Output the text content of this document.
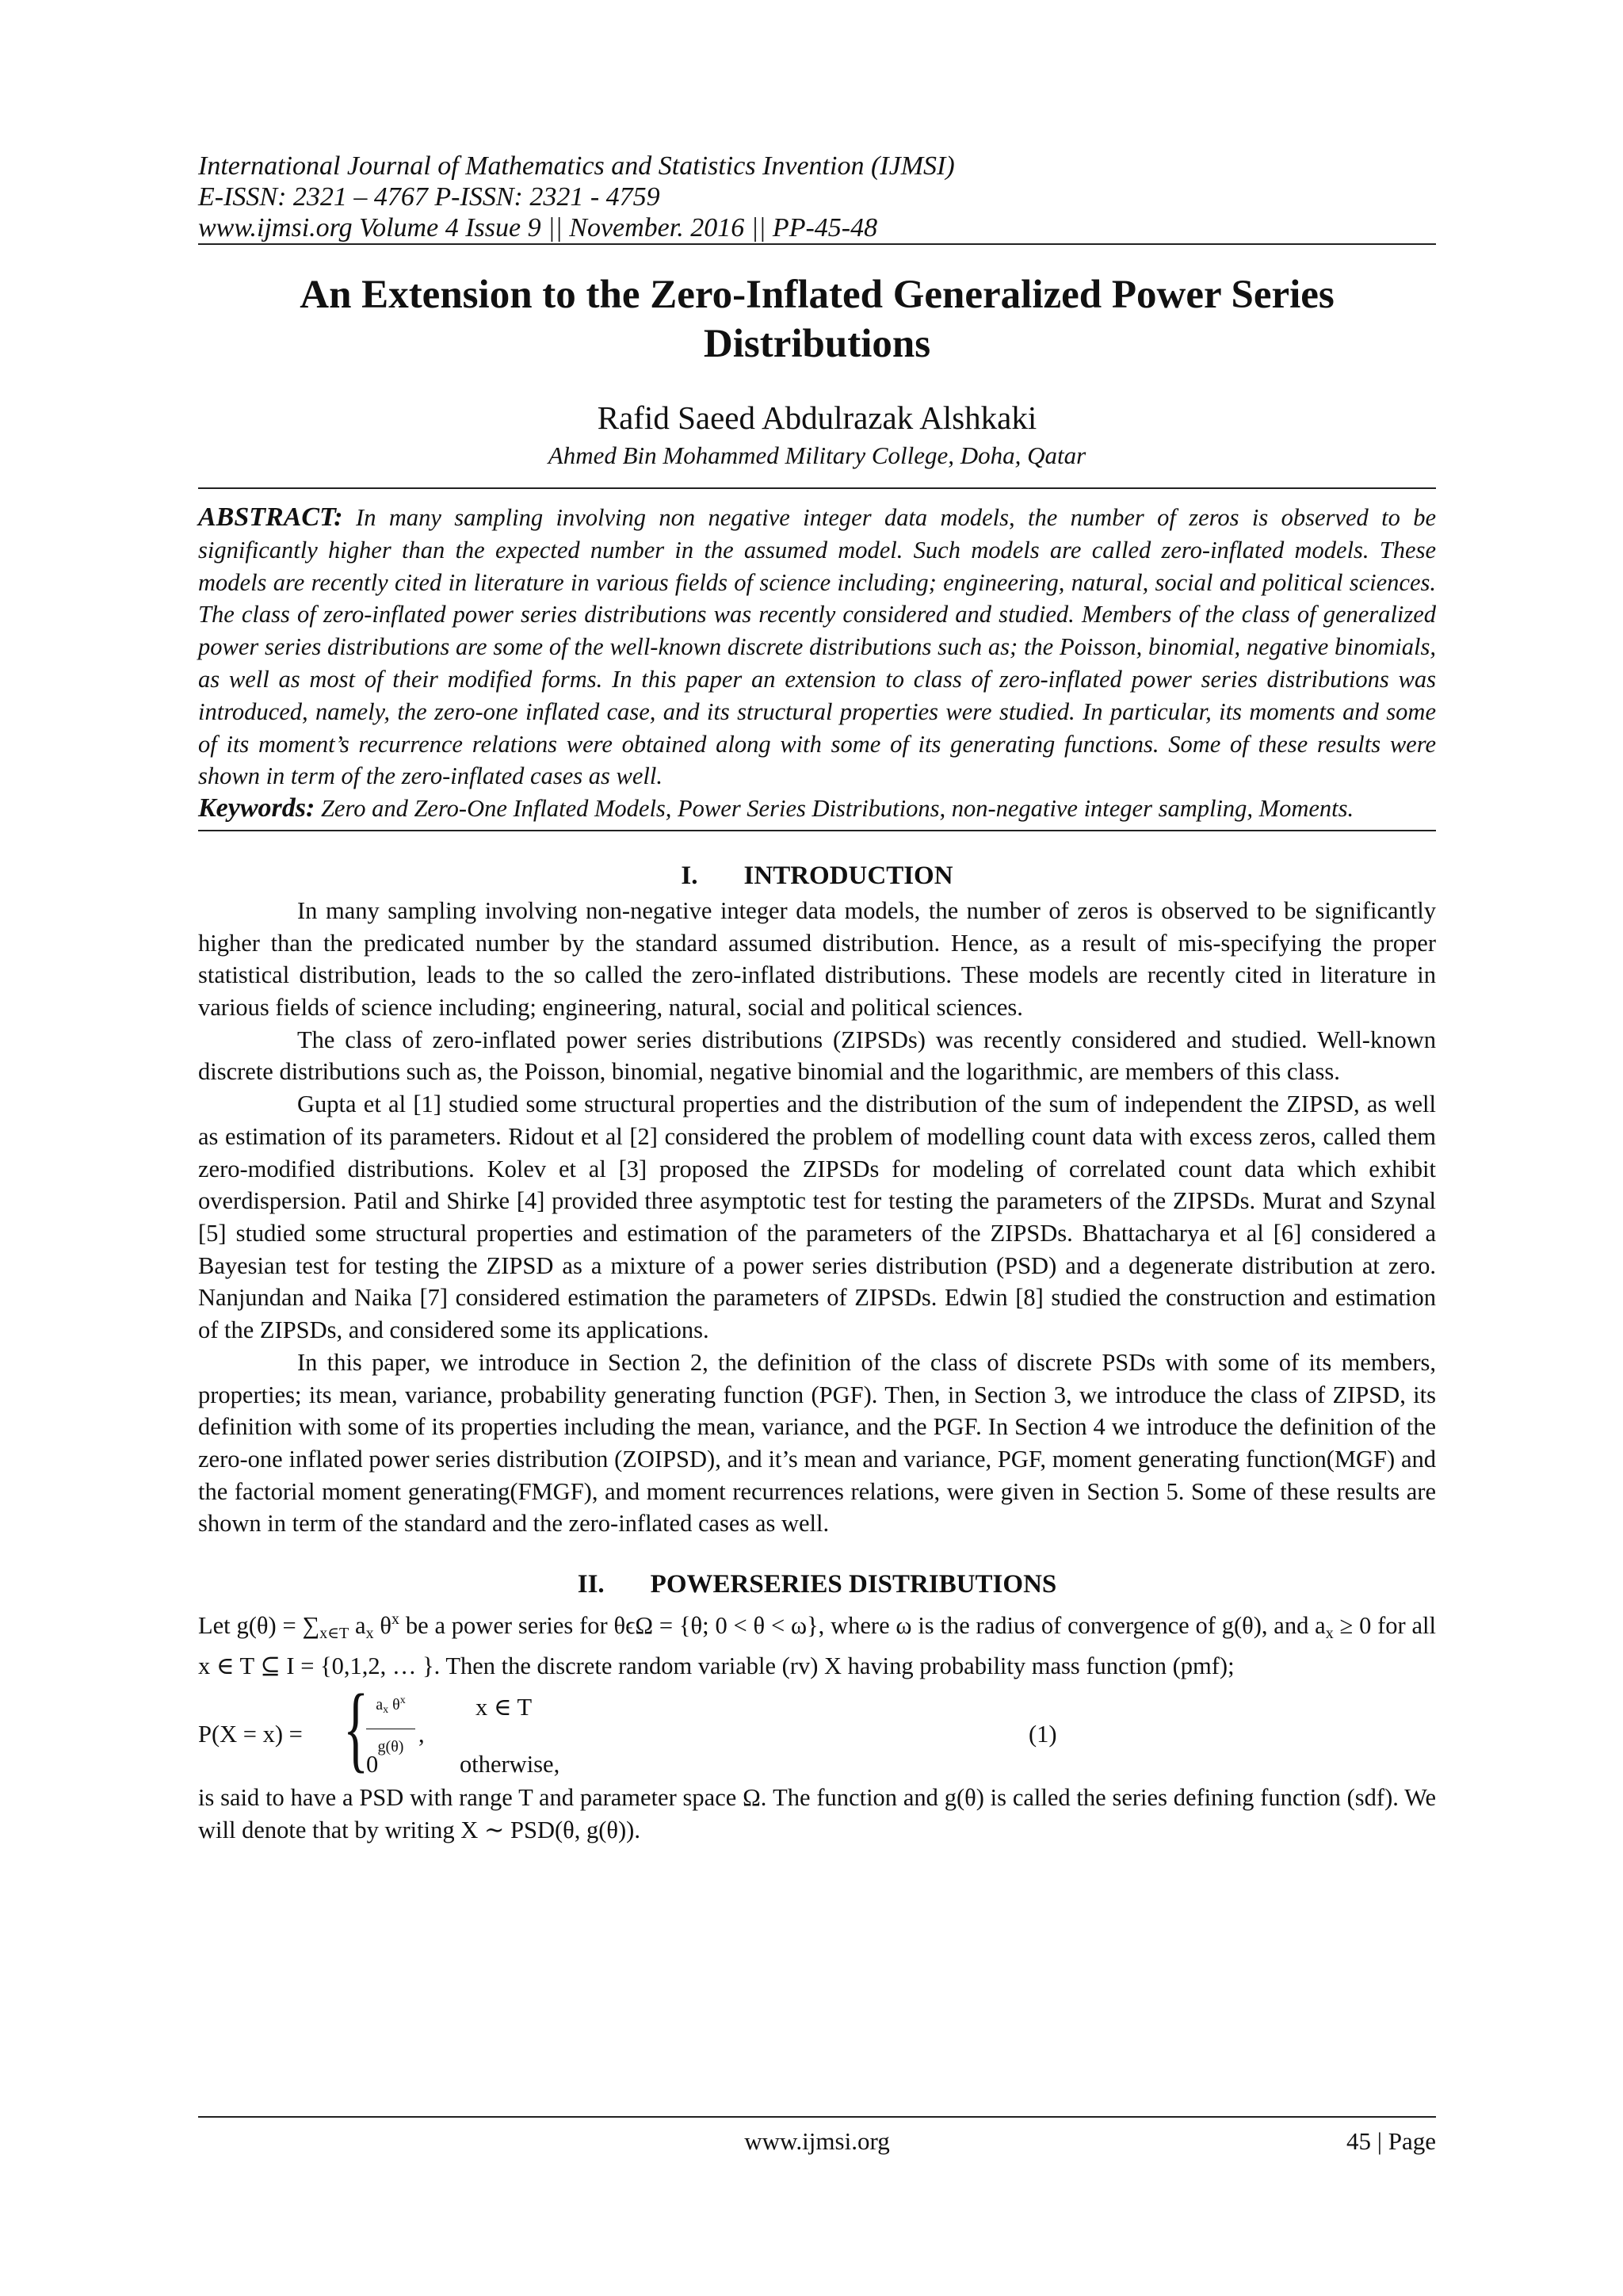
International Journal of Mathematics and Statistics Invention (IJMSI)
E-ISSN: 2321 – 4767 P-ISSN: 2321 - 4759
www.ijmsi.org Volume 4 Issue 9 || November. 2016 || PP-45-48
An Extension to the Zero-Inflated Generalized Power Series Distributions
Rafid Saeed Abdulrazak Alshkaki
Ahmed Bin Mohammed Military College, Doha, Qatar
ABSTRACT: In many sampling involving non negative integer data models, the number of zeros is observed to be significantly higher than the expected number in the assumed model. Such models are called zero-inflated models. These models are recently cited in literature in various fields of science including; engineering, natural, social and political sciences. The class of zero-inflated power series distributions was recently considered and studied. Members of the class of generalized power series distributions are some of the well-known discrete distributions such as; the Poisson, binomial, negative binomials, as well as most of their modified forms. In this paper an extension to class of zero-inflated power series distributions was introduced, namely, the zero-one inflated case, and its structural properties were studied. In particular, its moments and some of its moment’s recurrence relations were obtained along with some of its generating functions. Some of these results were shown in term of the zero-inflated cases as well.
Keywords: Zero and Zero-One Inflated Models, Power Series Distributions, non-negative integer sampling, Moments.
I. INTRODUCTION

In many sampling involving non-negative integer data models, the number of zeros is observed to be significantly higher than the predicated number by the standard assumed distribution. Hence, as a result of mis-specifying the proper statistical distribution, leads to the so called the zero-inflated distributions. These models are recently cited in literature in various fields of science including; engineering, natural, social and political sciences.

The class of zero-inflated power series distributions (ZIPSDs) was recently considered and studied. Well-known discrete distributions such as, the Poisson, binomial, negative binomial and the logarithmic, are members of this class.

Gupta et al [1] studied some structural properties and the distribution of the sum of independent the ZIPSD, as well as estimation of its parameters. Ridout et al [2] considered the problem of modelling count data with excess zeros, called them zero-modified distributions. Kolev et al [3] proposed the ZIPSDs for modeling of correlated count data which exhibit overdispersion. Patil and Shirke [4] provided three asymptotic test for testing the parameters of the ZIPSDs. Murat and Szynal [5] studied some structural properties and estimation of the parameters of the ZIPSDs. Bhattacharya et al [6] considered a Bayesian test for testing the ZIPSD as a mixture of a power series distribution (PSD) and a degenerate distribution at zero. Nanjundan and Naika [7] considered estimation the parameters of ZIPSDs. Edwin [8] studied the construction and estimation of the ZIPSDs, and considered some its applications.

In this paper, we introduce in Section 2, the definition of the class of discrete PSDs with some of its members, properties; its mean, variance, probability generating function (PGF). Then, in Section 3, we introduce the class of ZIPSD, its definition with some of its properties including the mean, variance, and the PGF. In Section 4 we introduce the definition of the zero-one inflated power series distribution (ZOIPSD), and it’s mean and variance, PGF, moment generating function(MGF) and the factorial moment generating(FMGF), and moment recurrences relations, were given in Section 5. Some of these results are shown in term of the standard and the zero-inflated cases as well.

II. POWERSERIES DISTRIBUTIONS

Let $g(\theta) = \sum_{x\in T}$ $a_x$ $\theta^x$ be a power series for θϵΩ = {θ; 0 < θ < ω}, where ω is the radius of convergence of g(θ), and $a_x \ge 0$ for all x ∈ T ⊆ I = {0,1,2, … }. Then the discrete random variable (rv) X having probability mass function (pmf);

P(X = x) = { $a_x$ $\theta^x$
g(θ) ,
x ∈ T
0	otherwise,
(1)

is said to have a PSD with range T and parameter space Ω. The function and g(θ) is called the series defining function (sdf). We will denote that by writing X ∼ PSD(θ, g(θ)).

www.ijmsi.org	45 | Page
